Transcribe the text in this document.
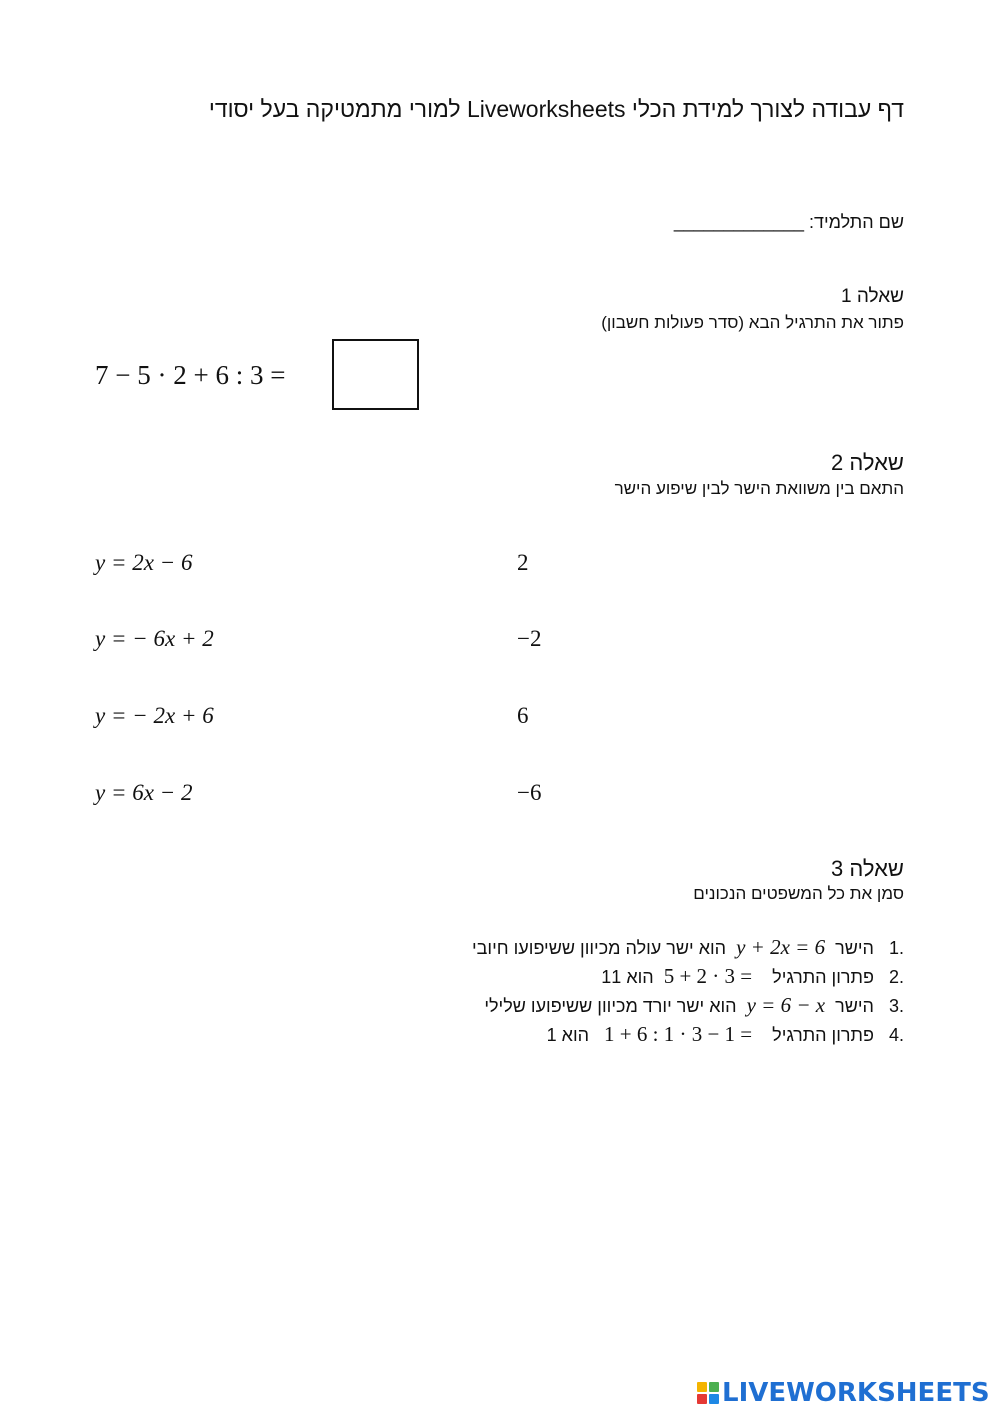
דף עבודה לצורך למידת הכלי Liveworksheets למורי מתמטיקה בעל יסודי
שם התלמיד: _____________
שאלה 1
פתור את התרגיל הבא (סדר פעולות חשבון)
7 − 5 · 2 + 6 : 3 =
שאלה 2
התאם בין משוואת הישר לבין שיפוע הישר
y = 2x − 6
y = − 6x + 2
y = − 2x + 6
y = 6x − 2
2
−2
6
−6
שאלה 3
סמן את כל המשפטים הנכונים
.1   הישר  y + 2x = 6  הוא ישר עולה מכיוון ששיפועו חיובי
.2   פתרון התרגיל    5 + 2 · 3 =  הוא 11
.3   הישר  y = 6 − x  הוא ישר יורד מכיוון ששיפועו שלילי
.4   פתרון התרגיל    1 + 6 : 1 · 3 − 1 =   הוא 1
LIVEWORKSHEETS
